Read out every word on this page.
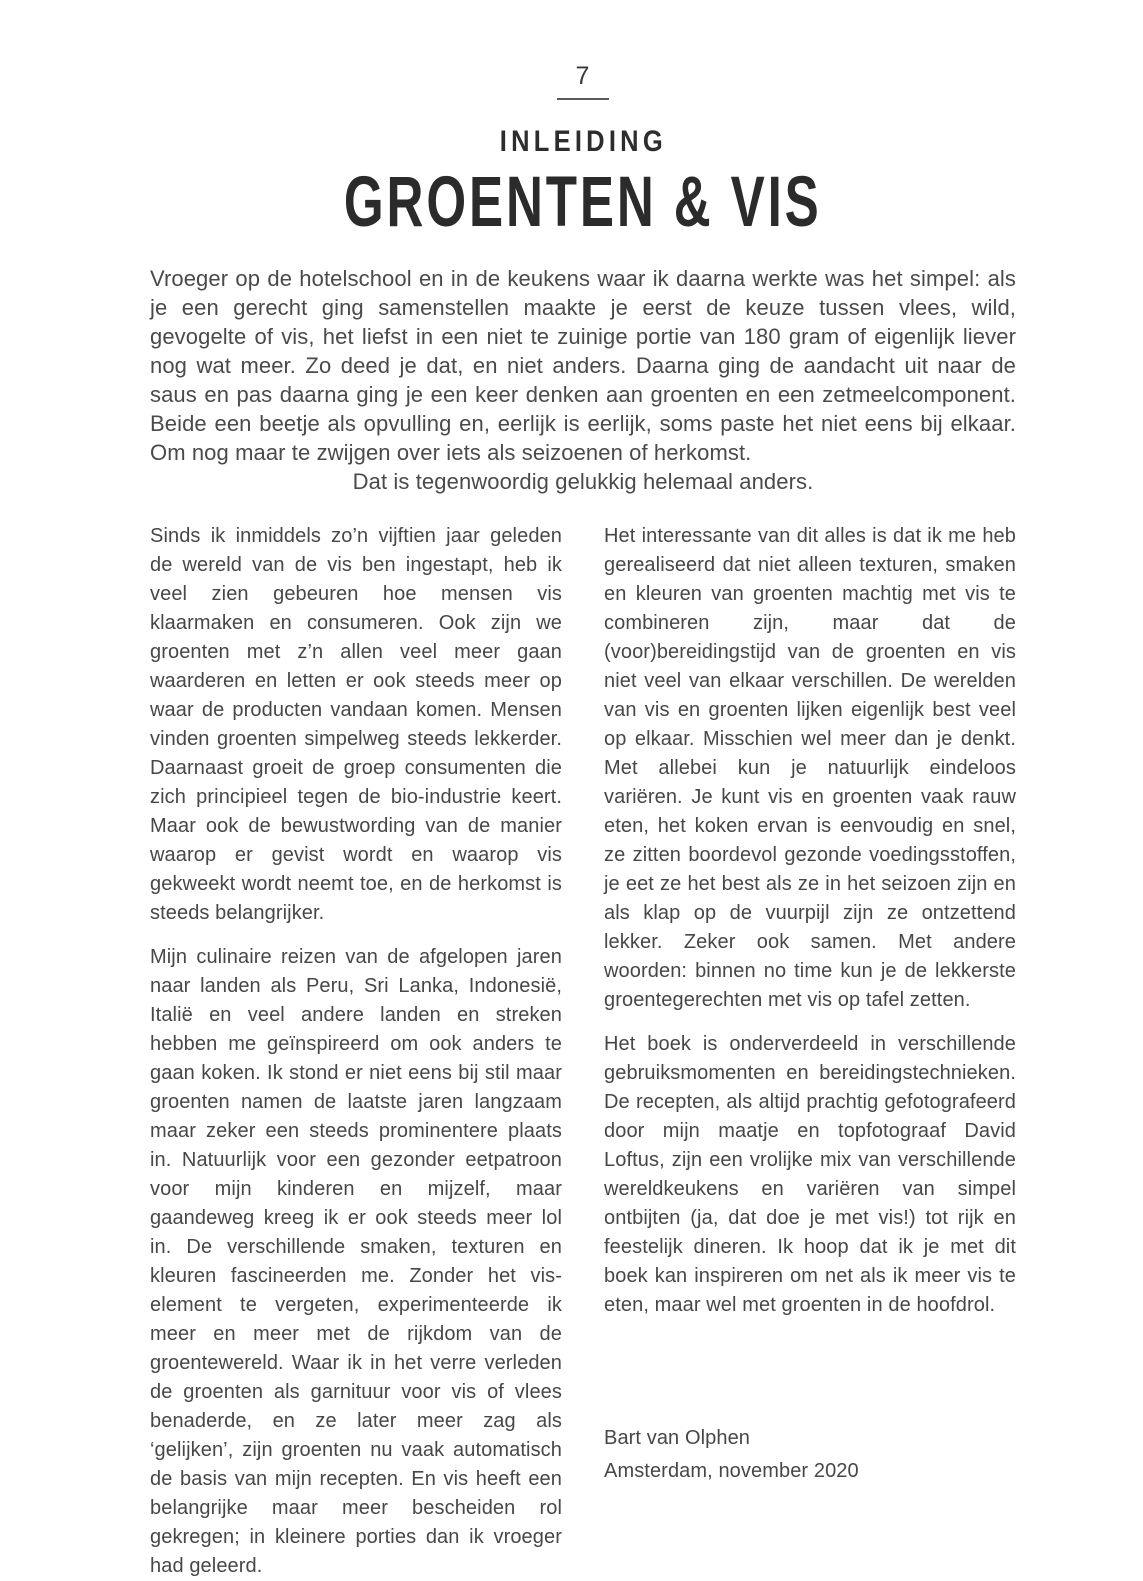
7
INLEIDING
GROENTEN & VIS

Vroeger op de hotelschool en in de keukens waar ik daarna werkte was het simpel: als je een gerecht ging samenstellen maakte je eerst de keuze tussen vlees, wild, gevogelte of vis, het liefst in een niet te zuinige portie van 180 gram of eigenlijk liever nog wat meer. Zo deed je dat, en niet anders. Daarna ging de aandacht uit naar de saus en pas daarna ging je een keer denken aan groenten en een zetmeelcomponent. Beide een beetje als opvulling en, eerlijk is eerlijk, soms paste het niet eens bij elkaar. Om nog maar te zwijgen over iets als seizoenen of herkomst.

Dat is tegenwoordig gelukkig helemaal anders.

Sinds ik inmiddels zo’n vijftien jaar geleden de wereld van de vis ben ingestapt, heb ik veel zien gebeuren hoe mensen vis klaarmaken en consumeren. Ook zijn we groenten met z’n allen veel meer gaan waarderen en letten er ook steeds meer op waar de producten vandaan komen. Mensen vinden groenten simpelweg steeds lekkerder. Daarnaast groeit de groep consumenten die zich principieel tegen de bio-industrie keert. Maar ook de bewustwording van de manier waarop er gevist wordt en waarop vis gekweekt wordt neemt toe, en de herkomst is steeds belangrijker.

Mijn culinaire reizen van de afgelopen jaren naar landen als Peru, Sri Lanka, Indonesië, Italië en veel andere landen en streken hebben me geïnspireerd om ook anders te gaan koken. Ik stond er niet eens bij stil maar groenten namen de laatste jaren langzaam maar zeker een steeds prominentere plaats in. Natuurlijk voor een gezonder eetpatroon voor mijn kinderen en mijzelf, maar gaandeweg kreeg ik er ook steeds meer lol in. De verschillende smaken, texturen en kleuren fascineerden me. Zonder het vis-element te vergeten, experimenteerde ik meer en meer met de rijkdom van de groentewereld. Waar ik in het verre verleden de groenten als garnituur voor vis of vlees benaderde, en ze later meer zag als ‘gelijken’, zijn groenten nu vaak automatisch de basis van mijn recepten. En vis heeft een belangrijke maar meer bescheiden rol gekregen; in kleinere porties dan ik vroeger had geleerd.

Het interessante van dit alles is dat ik me heb gerealiseerd dat niet alleen texturen, smaken en kleuren van groenten machtig met vis te combineren zijn, maar dat de (voor)bereidingstijd van de groenten en vis niet veel van elkaar verschillen. De werelden van vis en groenten lijken eigenlijk best veel op elkaar. Misschien wel meer dan je denkt. Met allebei kun je natuurlijk eindeloos variëren. Je kunt vis en groenten vaak rauw eten, het koken ervan is eenvoudig en snel, ze zitten boordevol gezonde voedingsstoffen, je eet ze het best als ze in het seizoen zijn en als klap op de vuurpijl zijn ze ontzettend lekker. Zeker ook samen. Met andere woorden: binnen no time kun je de lekkerste groentegerechten met vis op tafel zetten.

Het boek is onderverdeeld in verschillende gebruiksmomenten en bereidingstechnieken. De recepten, als altijd prachtig gefotografeerd door mijn maatje en topfotograaf David Loftus, zijn een vrolijke mix van verschillende wereldkeukens en variëren van simpel ontbijten (ja, dat doe je met vis!) tot rijk en feestelijk dineren. Ik hoop dat ik je met dit boek kan inspireren om net als ik meer vis te eten, maar wel met groenten in de hoofdrol.

Bart van Olphen
Amsterdam, november 2020
